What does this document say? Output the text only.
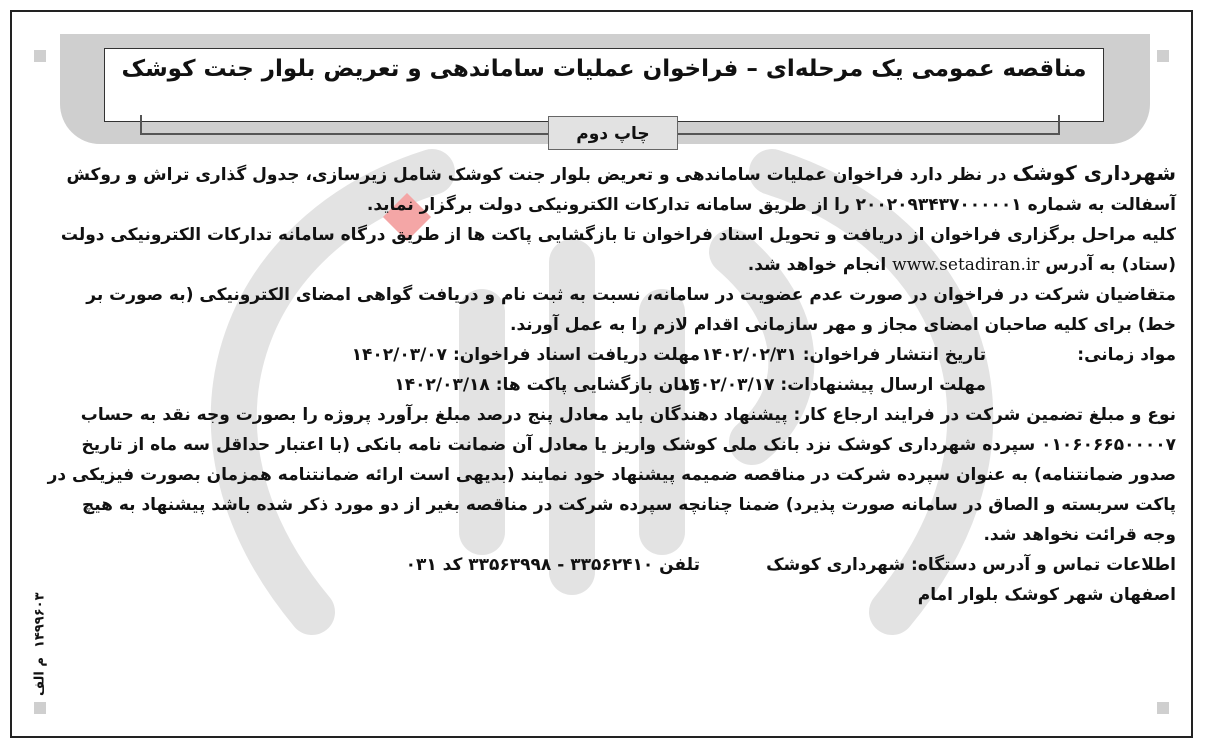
مناقصه عمومی یک مرحله‌ای – فراخوان عملیات ساماندهی و تعریض بلوار جنت کوشک
چاپ دوم

شهرداری کوشک در نظر دارد فراخوان عملیات ساماندهی و تعریض بلوار جنت کوشک شامل زیرسازی، جدول گذاری تراش و روکش آسفالت به شماره ۲۰۰۲۰۹۳۴۳۷۰۰۰۰۰۱ را از طریق سامانه تدارکات الکترونیکی دولت برگزار نماید.

کلیه مراحل برگزاری فراخوان از دریافت و تحویل اسناد فراخوان تا بازگشایی پاکت ها از طریق درگاه سامانه تدارکات الکترونیکی دولت (ستاد) به آدرس www.setadiran.ir انجام خواهد شد.

متقاضیان شرکت در فراخوان در صورت عدم عضویت در سامانه، نسبت به ثبت نام و دریافت گواهی امضای الکترونیکی (به صورت بر خط) برای کلیه صاحبان امضای مجاز و مهر سازمانی اقدام لازم را به عمل آورند.

مواد زمانی:
تاریخ انتشار فراخوان: ۱۴۰۲/۰۲/۳۱
مهلت دریافت اسناد فراخوان: ۱۴۰۲/۰۳/۰۷
مهلت ارسال پیشنهادات: ۱۴۰۲/۰۳/۱۷
زمان بازگشایی پاکت ها: ۱۴۰۲/۰۳/۱۸

نوع و مبلغ تضمین شرکت در فرایند ارجاع کار: پیشنهاد دهندگان باید معادل پنج درصد مبلغ برآورد پروژه را بصورت وجه نقد به حساب ۰۱۰۶۰۶۶۵۰۰۰۰۷ سپرده شهرداری کوشک نزد بانک ملی کوشک واریز یا معادل آن ضمانت نامه بانکی (با اعتبار حداقل سه ماه از تاریخ صدور ضمانتنامه) به عنوان سپرده شرکت در مناقصه ضمیمه پیشنهاد خود نمایند (بدیهی است ارائه ضمانتنامه همزمان بصورت فیزیکی در پاکت سربسته و الصاق در سامانه صورت پذیرد) ضمنا چنانچه سپرده شرکت در مناقصه بغیر از دو مورد ذکر شده باشد پیشنهاد به هیچ وجه قرائت نخواهد شد.

اطلاعات تماس و آدرس دستگاه: شهرداری کوشک
تلفن ۳۳۵۶۲۴۱۰ - ۳۳۵۶۳۹۹۸ کد ۰۳۱

اصفهان شهر کوشک بلوار امام

۱۴۹۹۶۰۳
م الف
